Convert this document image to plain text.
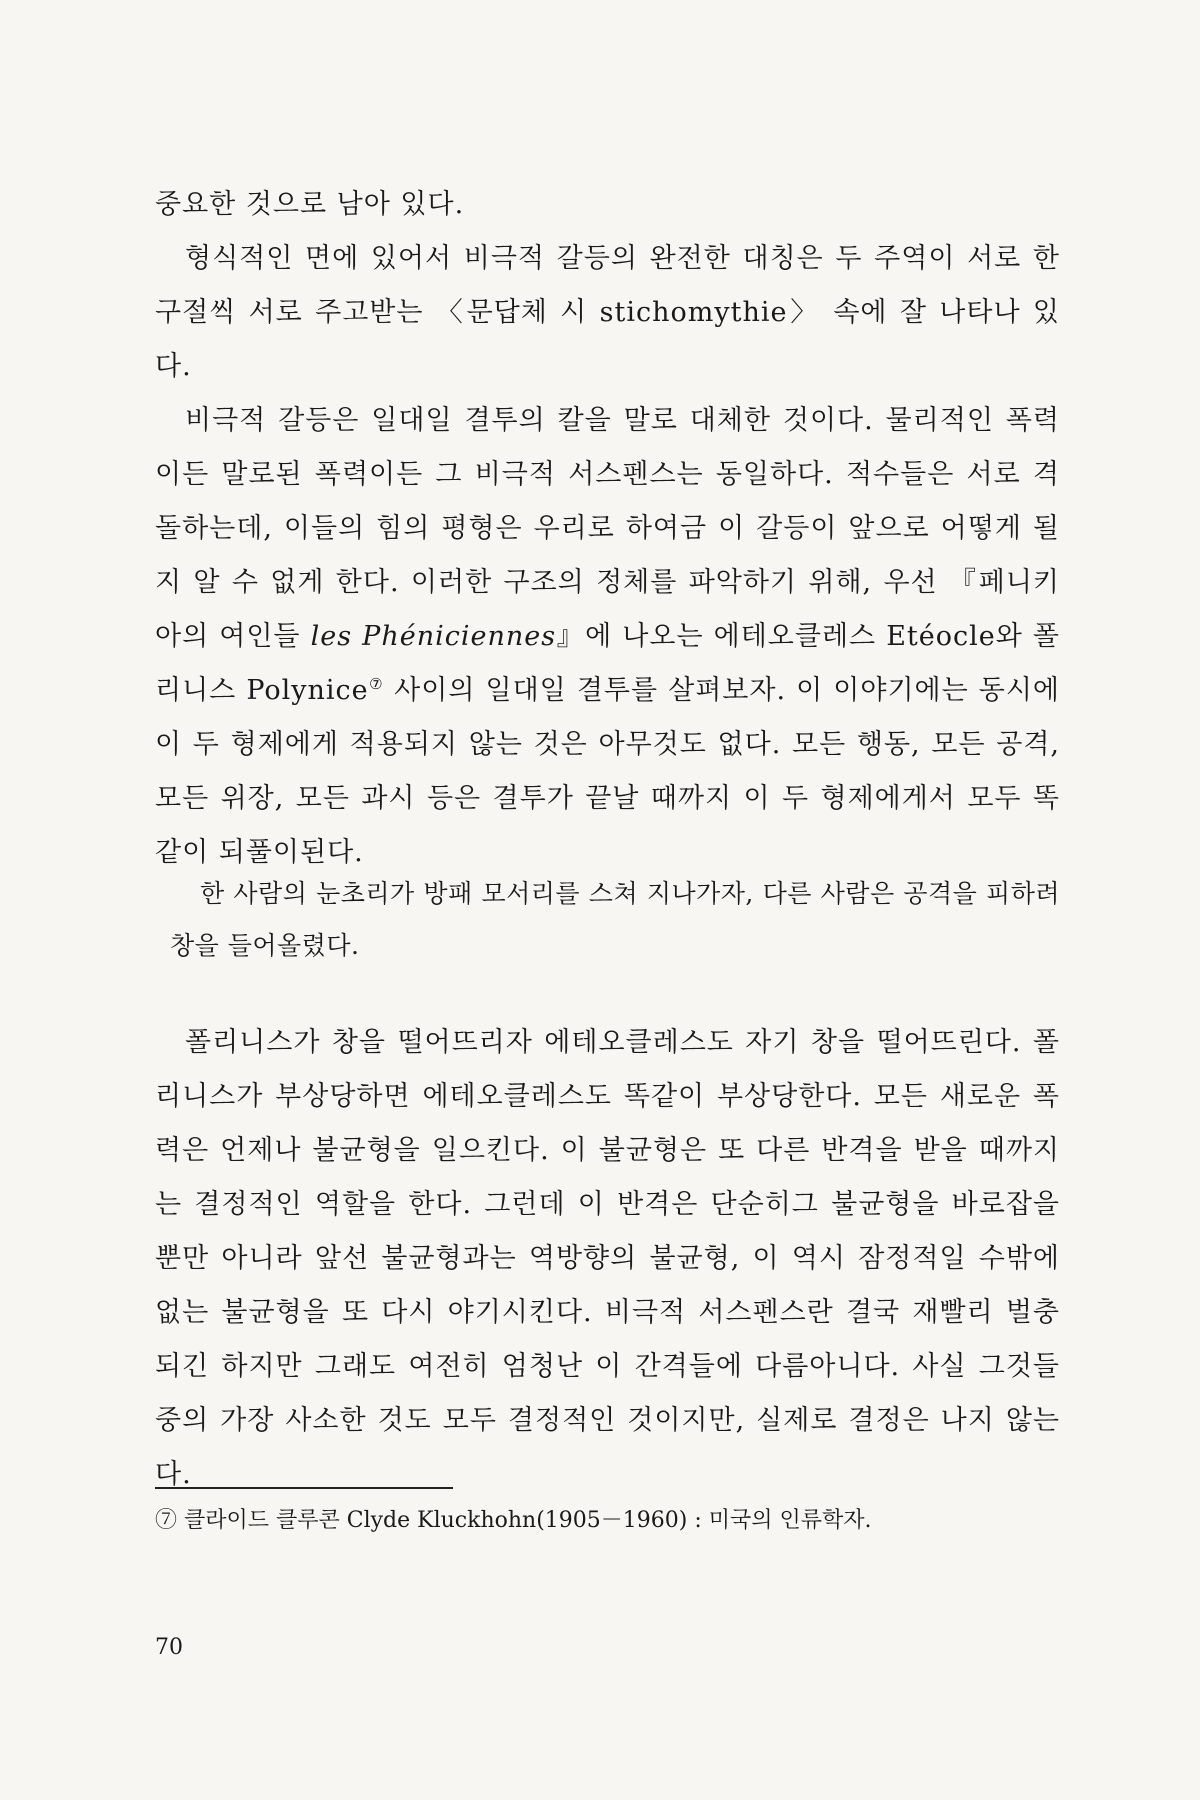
중요한 것으로 남아 있다.

형식적인 면에 있어서 비극적 갈등의 완전한 대칭은 두 주역이 서로 한 구절씩 서로 주고받는 〈문답체 시 stichomythie〉 속에 잘 나타나 있다.

비극적 갈등은 일대일 결투의 칼을 말로 대체한 것이다. 물리적인 폭력이든 말로된 폭력이든 그 비극적 서스펜스는 동일하다. 적수들은 서로 격돌하는데, 이들의 힘의 평형은 우리로 하여금 이 갈등이 앞으로 어떻게 될 지 알 수 없게 한다. 이러한 구조의 정체를 파악하기 위해, 우선 『페니키아의 여인들 les Phéniciennes』에 나오는 에테오클레스 Etéocle와 폴리니스 Polynice⑦ 사이의 일대일 결투를 살펴보자. 이 이야기에는 동시에 이 두 형제에게 적용되지 않는 것은 아무것도 없다. 모든 행동, 모든 공격, 모든 위장, 모든 과시 등은 결투가 끝날 때까지 이 두 형제에게서 모두 똑같이 되풀이된다.

한 사람의 눈초리가 방패 모서리를 스쳐 지나가자, 다른 사람은 공격을 피하려 창을 들어올렸다.

폴리니스가 창을 떨어뜨리자 에테오클레스도 자기 창을 떨어뜨린다. 폴리니스가 부상당하면 에테오클레스도 똑같이 부상당한다. 모든 새로운 폭력은 언제나 불균형을 일으킨다. 이 불균형은 또 다른 반격을 받을 때까지는 결정적인 역할을 한다. 그런데 이 반격은 단순히그 불균형을 바로잡을 뿐만 아니라 앞선 불균형과는 역방향의 불균형, 이 역시 잠정적일 수밖에 없는 불균형을 또 다시 야기시킨다. 비극적 서스펜스란 결국 재빨리 벌충되긴 하지만 그래도 여전히 엄청난 이 간격들에 다름아니다. 사실 그것들 중의 가장 사소한 것도 모두 결정적인 것이지만, 실제로 결정은 나지 않는다.

⑦ 클라이드 클루콘 Clyde Kluckhohn(1905－1960) : 미국의 인류학자.
70
